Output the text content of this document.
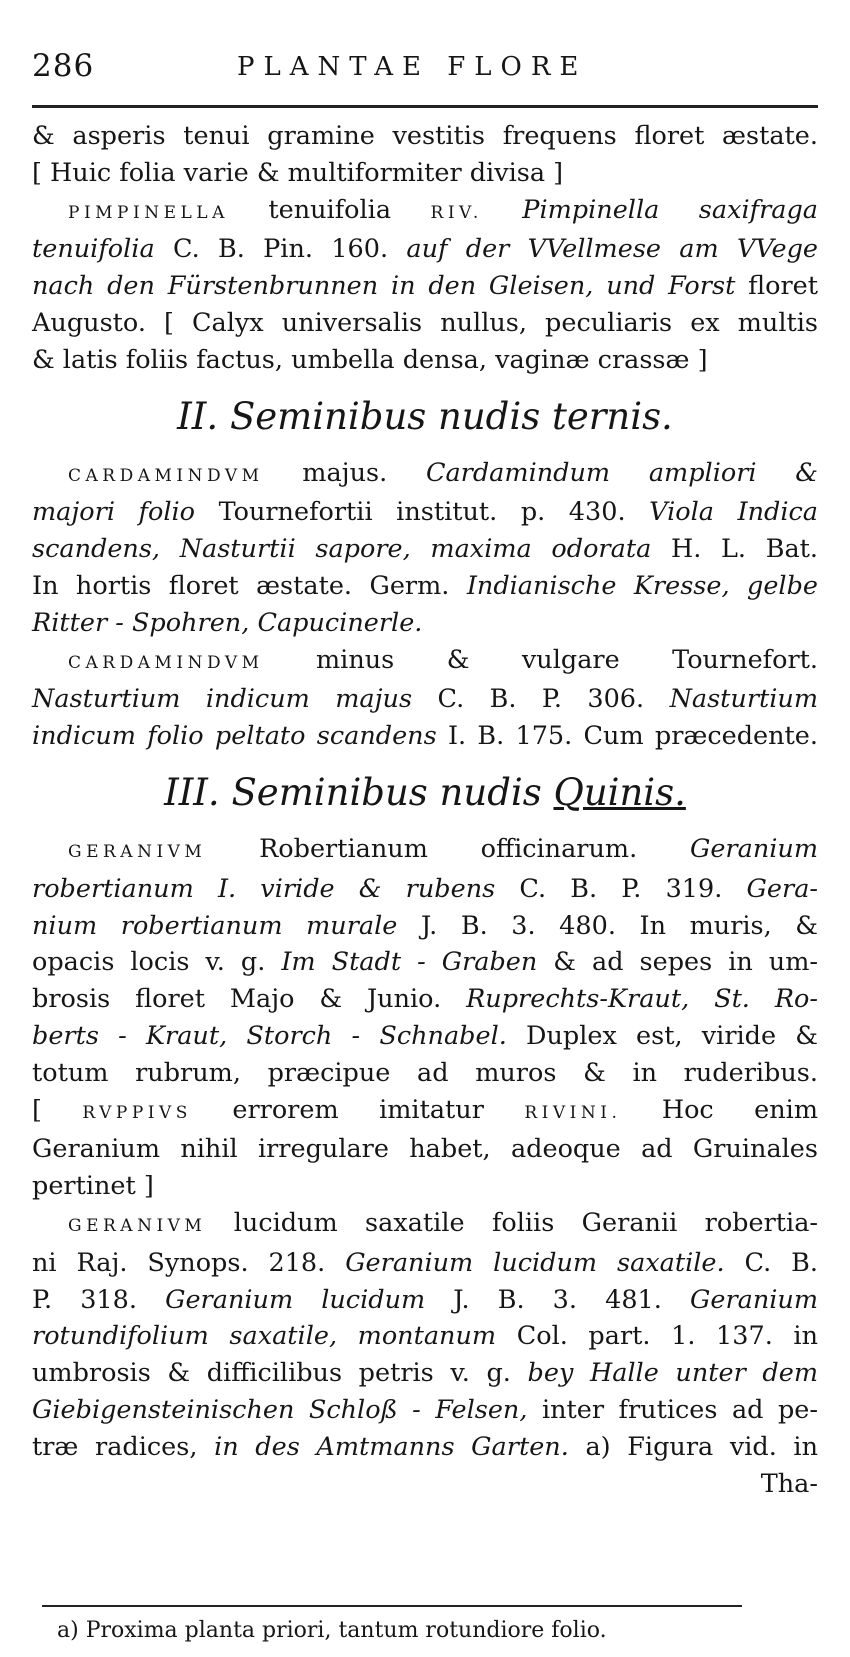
286	PLANTAE FLORE
& asperis tenui gramine vestitis frequens floret æstate.
[ Huic folia varie & multiformiter divisa ]
PIMPINELLA tenuifolia RIV. Pimpinella saxifraga
tenuifolia C. B. Pin. 160. auf der VVellmese am VVege
nach den Fürstenbrunnen in den Gleisen, und Forst floret
Augusto. [ Calyx universalis nullus, peculiaris ex multis
& latis foliis factus, umbella densa, vaginæ crassæ ]
II. Seminibus nudis ternis.
CARDAMINDVM majus. Cardamindum ampliori &
majori folio Tournefortii institut. p. 430. Viola Indica
scandens, Nasturtii sapore, maxima odorata H. L. Bat.
In hortis floret æstate. Germ. Indianische Kresse, gelbe
Ritter - Spohren, Capucinerle.
CARDAMINDVM minus & vulgare Tournefort.
Nasturtium indicum majus C. B. P. 306. Nasturtium
indicum folio peltato scandens I. B. 175. Cum præcedente.
III. Seminibus nudis Quinis.
GERANIVM Robertianum officinarum. Geranium
robertianum I. viride & rubens C. B. P. 319. Gera-
nium robertianum murale J. B. 3. 480. In muris, &
opacis locis v. g. Im Stadt - Graben & ad sepes in um-
brosis floret Majo & Junio. Ruprechts-Kraut, St. Ro-
berts - Kraut, Storch - Schnabel. Duplex est, viride &
totum rubrum, præcipue ad muros & in ruderibus.
[ RVPPIVS errorem imitatur RIVINI. Hoc enim
Geranium nihil irregulare habet, adeoque ad Gruinales
pertinet ]
GERANIVM lucidum saxatile foliis Geranii robertia-
ni Raj. Synops. 218. Geranium lucidum saxatile. C. B.
P. 318. Geranium lucidum J. B. 3. 481. Geranium
rotundifolium saxatile, montanum Col. part. 1. 137. in
umbrosis & difficilibus petris v. g. bey Halle unter dem
Giebigensteinischen Schloß - Felsen, inter frutices ad pe-
træ radices, in des Amtmanns Garten. a) Figura vid. in
Tha-
a) Proxima planta priori, tantum rotundiore folio.
